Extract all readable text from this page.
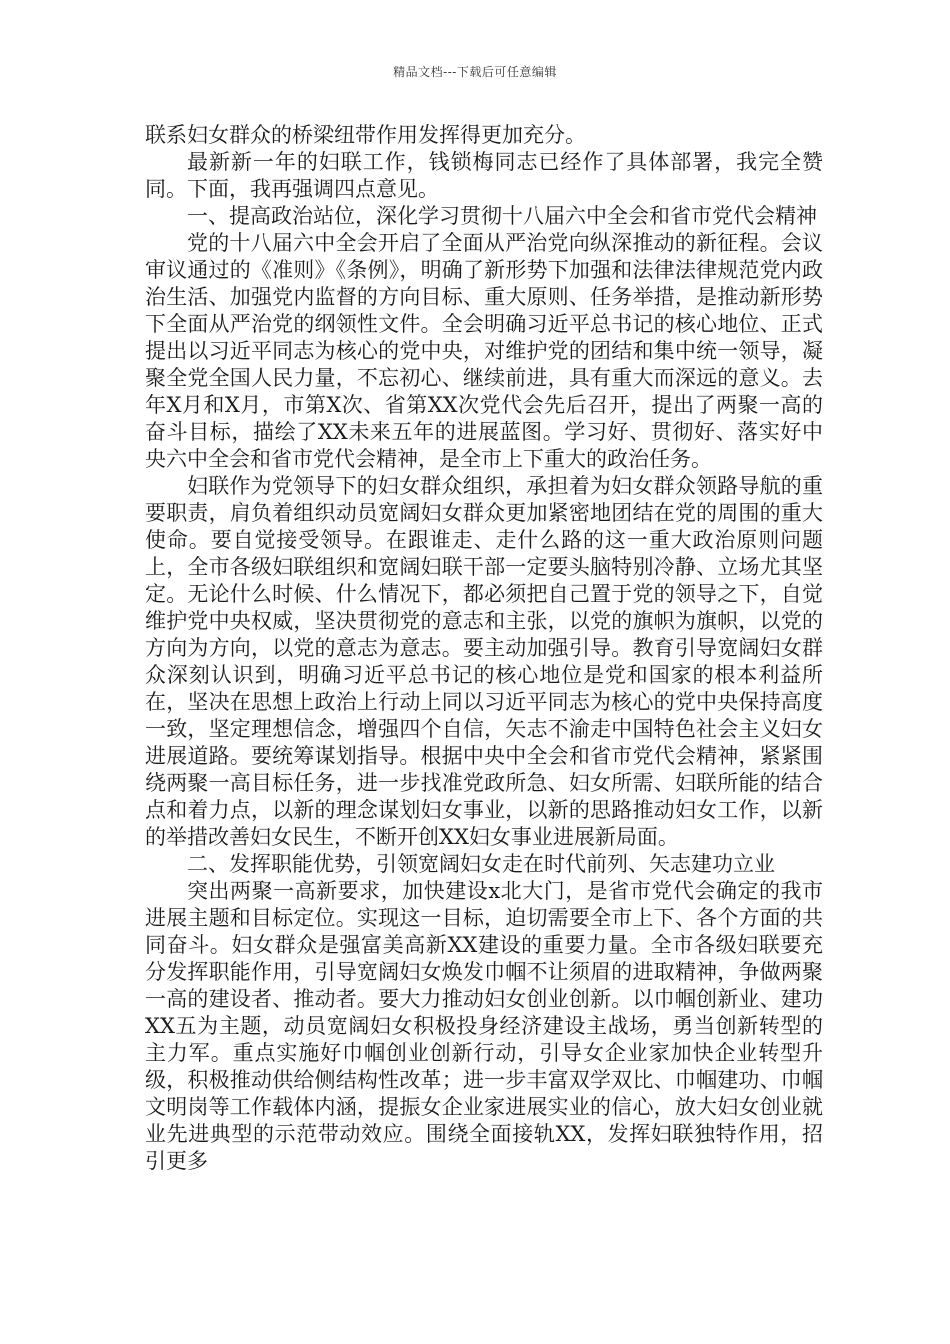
精品文档---下载后可任意编辑

联系妇女群众的桥梁纽带作用发挥得更加充分。

最新新一年的妇联工作，钱锁梅同志已经作了具体部署，我完全赞同。下面，我再强调四点意见。

一、提高政治站位，深化学习贯彻十八届六中全会和省市党代会精神

党的十八届六中全会开启了全面从严治党向纵深推动的新征程。会议审议通过的《准则》《条例》，明确了新形势下加强和法律法律规范党内政治生活、加强党内监督的方向目标、重大原则、任务举措，是推动新形势下全面从严治党的纲领性文件。全会明确习近平总书记的核心地位、正式提出以习近平同志为核心的党中央，对维护党的团结和集中统一领导，凝聚全党全国人民力量，不忘初心、继续前进，具有重大而深远的意义。去年X月和X月，市第X次、省第XX次党代会先后召开，提出了两聚一高的奋斗目标，描绘了XX未来五年的进展蓝图。学习好、贯彻好、落实好中央六中全会和省市党代会精神，是全市上下重大的政治任务。

妇联作为党领导下的妇女群众组织，承担着为妇女群众领路导航的重要职责，肩负着组织动员宽阔妇女群众更加紧密地团结在党的周围的重大使命。要自觉接受领导。在跟谁走、走什么路的这一重大政治原则问题上，全市各级妇联组织和宽阔妇联干部一定要头脑特别冷静、立场尤其坚定。无论什么时候、什么情况下，都必须把自己置于党的领导之下，自觉维护党中央权威，坚决贯彻党的意志和主张，以党的旗帜为旗帜，以党的方向为方向，以党的意志为意志。要主动加强引导。教育引导宽阔妇女群众深刻认识到，明确习近平总书记的核心地位是党和国家的根本利益所在，坚决在思想上政治上行动上同以习近平同志为核心的党中央保持高度一致，坚定理想信念，增强四个自信，矢志不渝走中国特色社会主义妇女进展道路。要统筹谋划指导。根据中央中全会和省市党代会精神，紧紧围绕两聚一高目标任务，进一步找准党政所急、妇女所需、妇联所能的结合点和着力点，以新的理念谋划妇女事业，以新的思路推动妇女工作，以新的举措改善妇女民生，不断开创XX妇女事业进展新局面。

二、发挥职能优势，引领宽阔妇女走在时代前列、矢志建功立业

突出两聚一高新要求，加快建设x北大门，是省市党代会确定的我市进展主题和目标定位。实现这一目标，迫切需要全市上下、各个方面的共同奋斗。妇女群众是强富美高新XX建设的重要力量。全市各级妇联要充分发挥职能作用，引导宽阔妇女焕发巾帼不让须眉的进取精神，争做两聚一高的建设者、推动者。要大力推动妇女创业创新。以巾帼创新业、建功XX五为主题，动员宽阔妇女积极投身经济建设主战场，勇当创新转型的主力军。重点实施好巾帼创业创新行动，引导女企业家加快企业转型升级，积极推动供给侧结构性改革；进一步丰富双学双比、巾帼建功、巾帼文明岗等工作载体内涵，提振女企业家进展实业的信心，放大妇女创业就业先进典型的示范带动效应。围绕全面接轨XX，发挥妇联独特作用，招引更多
